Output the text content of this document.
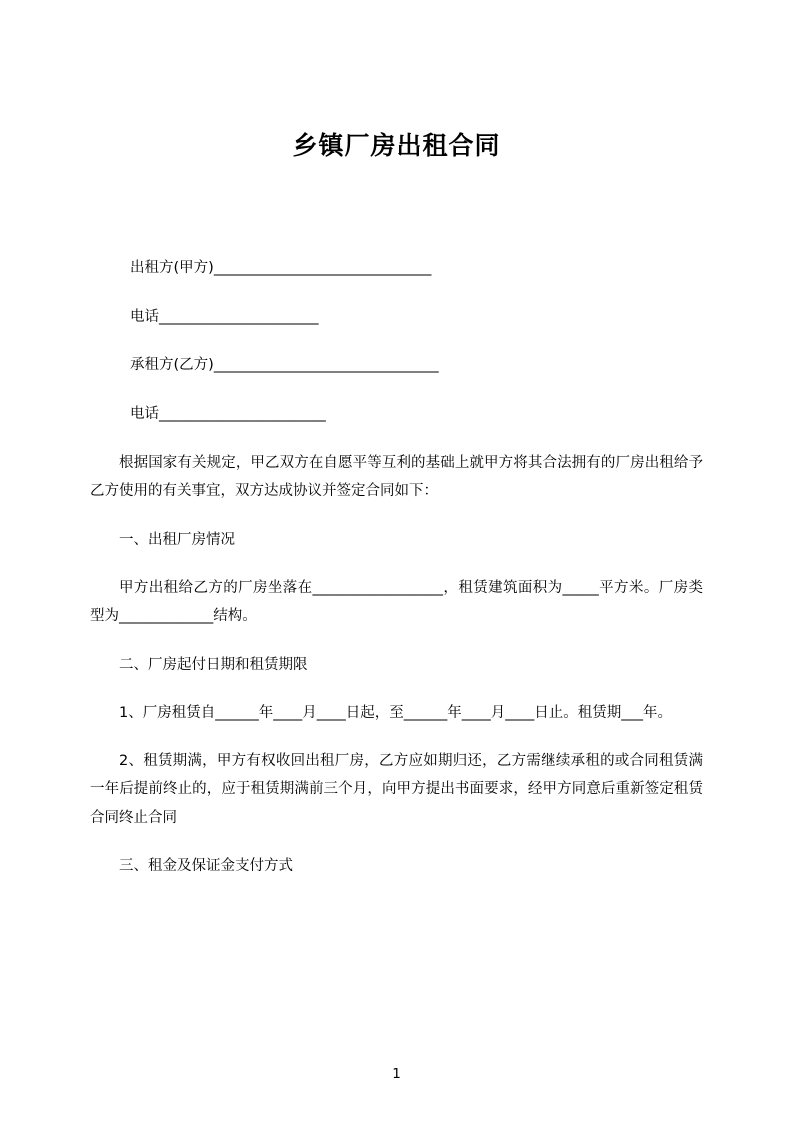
乡镇厂房出租合同

出租方(甲方)______________________________

电话______________________

承租方(乙方)_______________________________

电话_______________________

根据国家有关规定，甲乙双方在自愿平等互利的基础上就甲方将其合法拥有的厂房出租给予乙方使用的有关事宜，双方达成协议并签定合同如下：

一、出租厂房情况

甲方出租给乙方的厂房坐落在__________________，租赁建筑面积为_____平方米。厂房类型为_____________结构。

二、厂房起付日期和租赁期限

1、厂房租赁自______年____月____日起，至______年____月____日止。租赁期___年。

2、租赁期满，甲方有权收回出租厂房，乙方应如期归还，乙方需继续承租的或合同租赁满一年后提前终止的，应于租赁期满前三个月，向甲方提出书面要求，经甲方同意后重新签定租赁合同终止合同

三、租金及保证金支付方式

1
